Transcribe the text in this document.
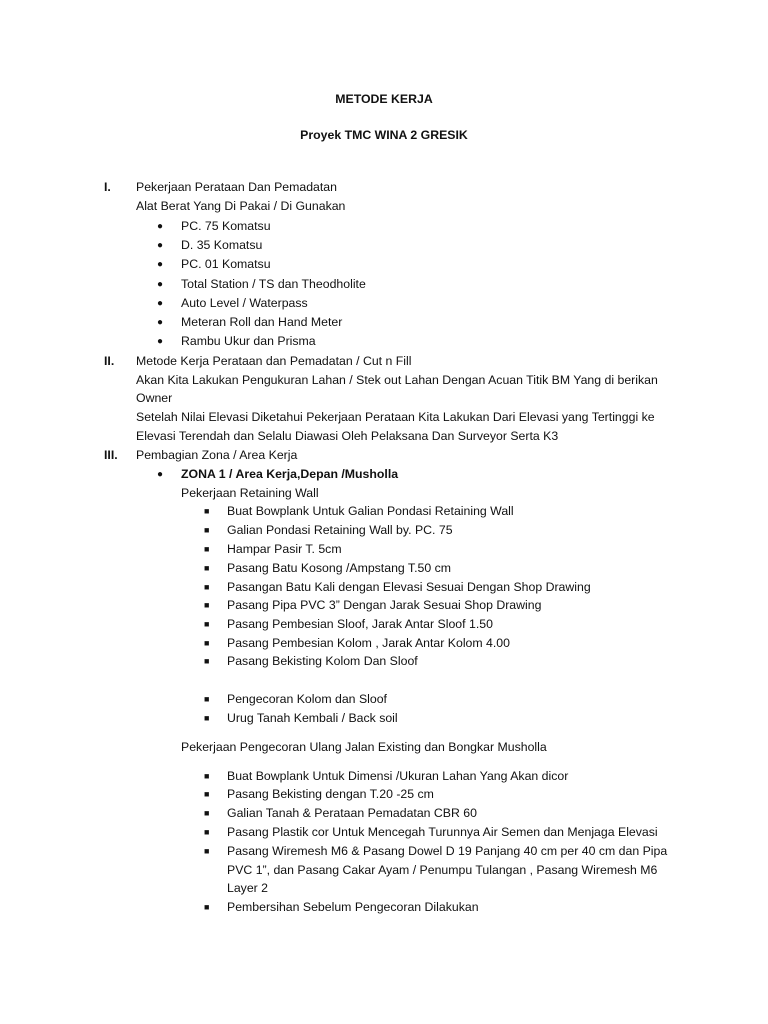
METODE KERJA
Proyek TMC WINA 2 GRESIK
I. Pekerjaan Perataan Dan Pemadatan
Alat Berat Yang Di Pakai / Di Gunakan
● PC. 75 Komatsu
● D. 35 Komatsu
● PC. 01 Komatsu
● Total Station / TS dan Theodholite
● Auto Level / Waterpass
● Meteran Roll dan Hand Meter
● Rambu Ukur dan Prisma
II. Metode Kerja Perataan dan Pemadatan / Cut n Fill
Akan Kita Lakukan Pengukuran Lahan / Stek out Lahan Dengan Acuan Titik BM Yang di berikan
Owner
Setelah Nilai Elevasi Diketahui Pekerjaan Perataan Kita Lakukan Dari Elevasi yang Tertinggi ke
Elevasi Terendah dan Selalu Diawasi Oleh Pelaksana Dan Surveyor Serta K3
III. Pembagian Zona / Area Kerja
● ZONA 1 / Area Kerja,Depan /Musholla
Pekerjaan Retaining Wall
■ Buat Bowplank Untuk Galian Pondasi Retaining Wall
■ Galian Pondasi Retaining Wall by. PC. 75
■ Hampar Pasir T. 5cm
■ Pasang Batu Kosong /Ampstang T.50 cm
■ Pasangan Batu Kali dengan Elevasi Sesuai Dengan Shop Drawing
■ Pasang Pipa PVC 3” Dengan Jarak Sesuai Shop Drawing
■ Pasang Pembesian Sloof, Jarak Antar Sloof 1.50
■ Pasang Pembesian Kolom , Jarak Antar Kolom 4.00
■ Pasang Bekisting Kolom Dan Sloof
■ Pengecoran Kolom dan Sloof
■ Urug Tanah Kembali / Back soil
Pekerjaan Pengecoran Ulang Jalan Existing dan Bongkar Musholla
■ Buat Bowplank Untuk Dimensi /Ukuran Lahan Yang Akan dicor
■ Pasang Bekisting dengan T.20 -25 cm
■ Galian Tanah & Perataan Pemadatan CBR 60
■ Pasang Plastik cor Untuk Mencegah Turunnya Air Semen dan Menjaga Elevasi
■ Pasang Wiremesh M6 & Pasang Dowel D 19 Panjang 40 cm per 40 cm dan Pipa
PVC 1”, dan Pasang Cakar Ayam / Penumpu Tulangan , Pasang Wiremesh M6
Layer 2
■ Pembersihan Sebelum Pengecoran Dilakukan
